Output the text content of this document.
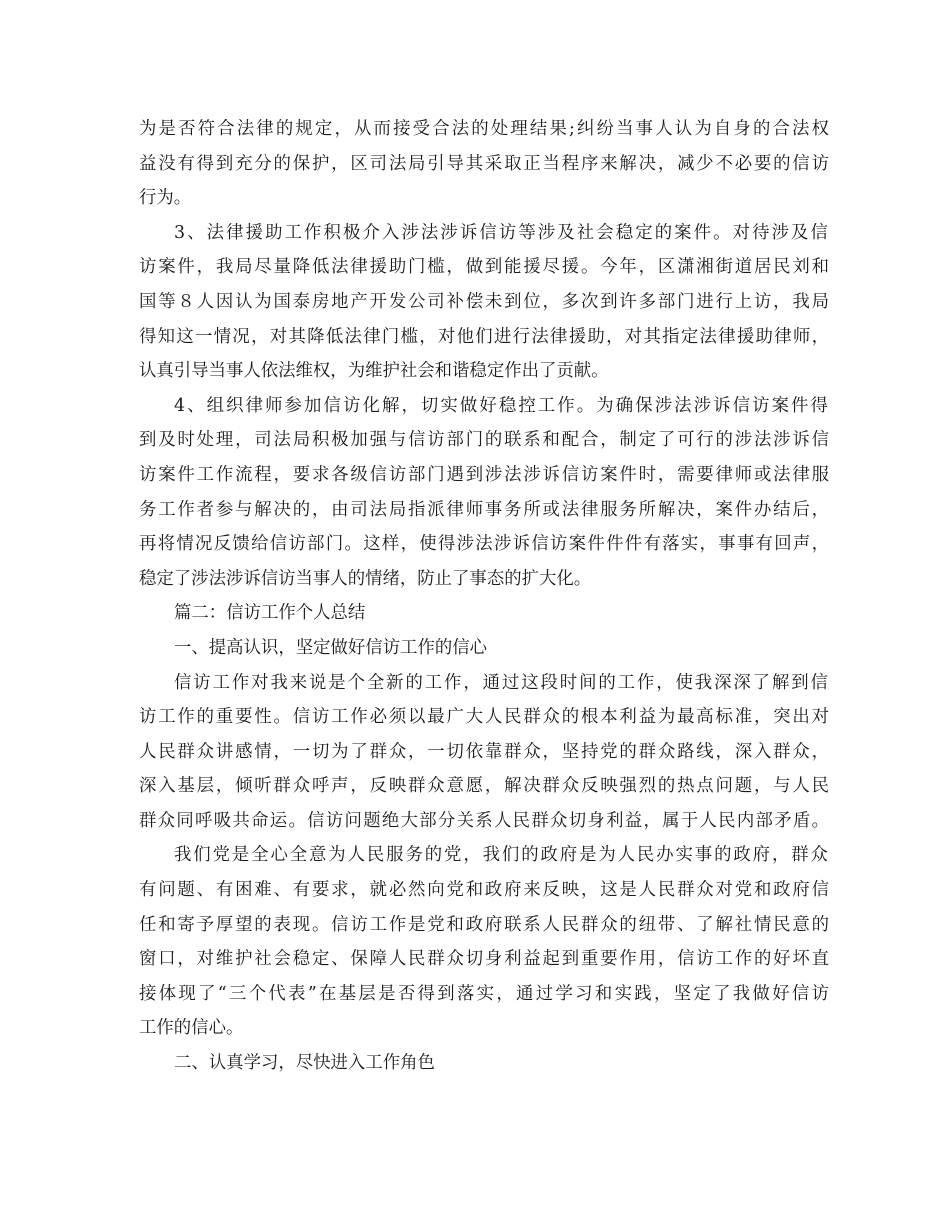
为是否符合法律的规定，从而接受合法的处理结果;纠纷当事人认为自身的合法权
益没有得到充分的保护，区司法局引导其采取正当程序来解决，减少不必要的信访
行为。
3、法律援助工作积极介入涉法涉诉信访等涉及社会稳定的案件。对待涉及信
访案件，我局尽量降低法律援助门槛，做到能援尽援。今年，区潇湘街道居民刘和
国等８人因认为国泰房地产开发公司补偿未到位，多次到许多部门进行上访，我局
得知这一情况，对其降低法律门槛，对他们进行法律援助，对其指定法律援助律师，
认真引导当事人依法维权，为维护社会和谐稳定作出了贡献。
4、组织律师参加信访化解，切实做好稳控工作。为确保涉法涉诉信访案件得
到及时处理，司法局积极加强与信访部门的联系和配合，制定了可行的涉法涉诉信
访案件工作流程，要求各级信访部门遇到涉法涉诉信访案件时，需要律师或法律服
务工作者参与解决的，由司法局指派律师事务所或法律服务所解决，案件办结后，
再将情况反馈给信访部门。这样，使得涉法涉诉信访案件件件有落实，事事有回声，
稳定了涉法涉诉信访当事人的情绪，防止了事态的扩大化。
篇二：信访工作个人总结
一、提高认识，坚定做好信访工作的信心
信访工作对我来说是个全新的工作，通过这段时间的工作，使我深深了解到信
访工作的重要性。信访工作必须以最广大人民群众的根本利益为最高标准，突出对
人民群众讲感情，一切为了群众，一切依靠群众，坚持党的群众路线，深入群众，
深入基层，倾听群众呼声，反映群众意愿，解决群众反映强烈的热点问题，与人民
群众同呼吸共命运。信访问题绝大部分关系人民群众切身利益，属于人民内部矛盾。
我们党是全心全意为人民服务的党，我们的政府是为人民办实事的政府，群众
有问题、有困难、有要求，就必然向党和政府来反映，这是人民群众对党和政府信
任和寄予厚望的表现。信访工作是党和政府联系人民群众的纽带、了解社情民意的
窗口，对维护社会稳定、保障人民群众切身利益起到重要作用，信访工作的好坏直
接体现了“三个代表”在基层是否得到落实，通过学习和实践，坚定了我做好信访
工作的信心。
二、认真学习，尽快进入工作角色
